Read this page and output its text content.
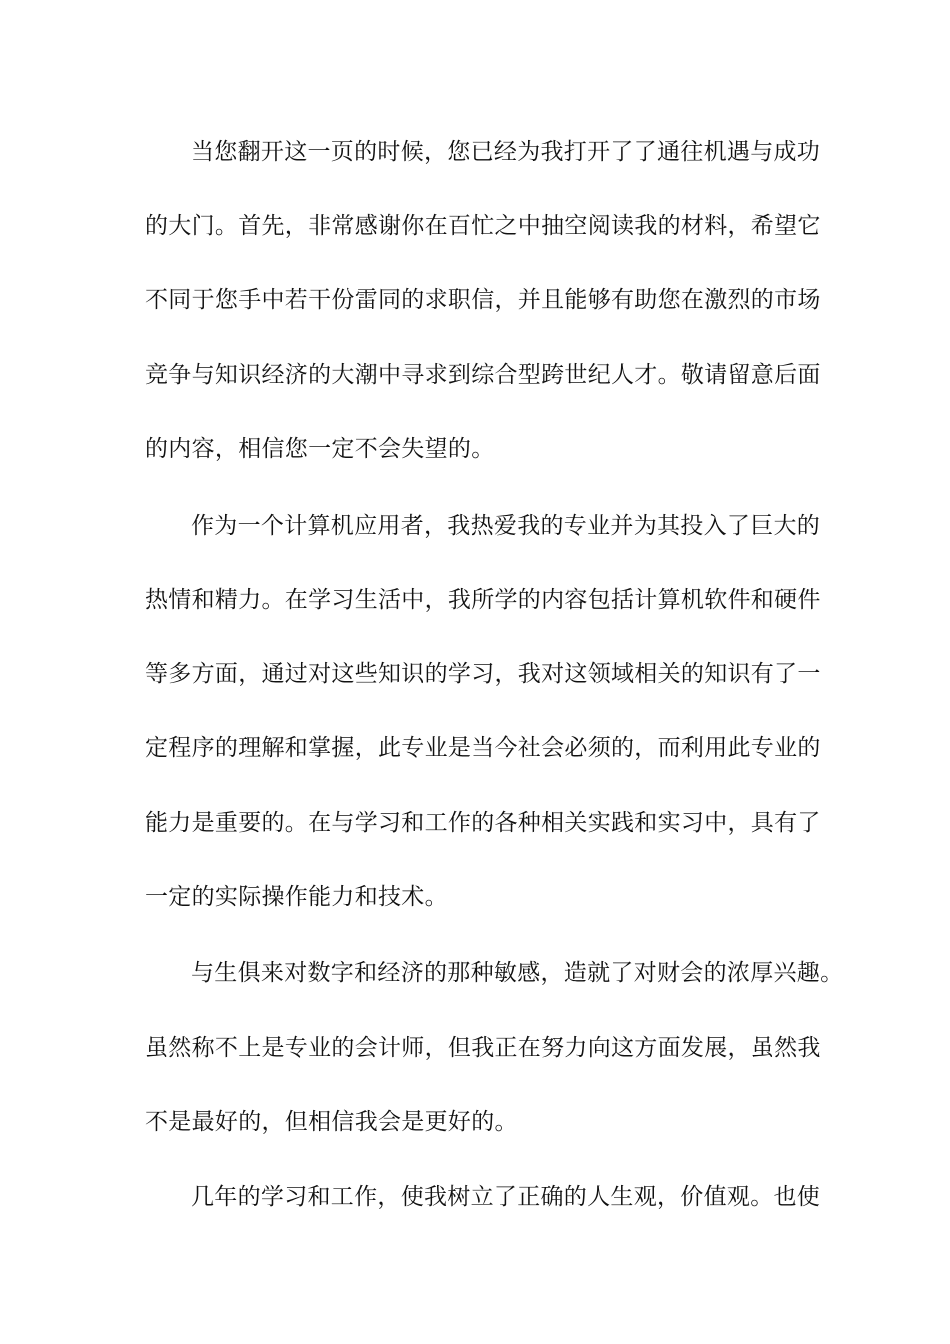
当您翻开这一页的时候，您已经为我打开了了通往机遇与成功
的大门。首先，非常感谢你在百忙之中抽空阅读我的材料，希望它
不同于您手中若干份雷同的求职信，并且能够有助您在激烈的市场
竞争与知识经济的大潮中寻求到综合型跨世纪人才。敬请留意后面
的内容，相信您一定不会失望的。
作为一个计算机应用者，我热爱我的专业并为其投入了巨大的
热情和精力。在学习生活中，我所学的内容包括计算机软件和硬件
等多方面，通过对这些知识的学习，我对这领域相关的知识有了一
定程序的理解和掌握，此专业是当今社会必须的，而利用此专业的
能力是重要的。在与学习和工作的各种相关实践和实习中，具有了
一定的实际操作能力和技术。
与生俱来对数字和经济的那种敏感，造就了对财会的浓厚兴趣。
虽然称不上是专业的会计师，但我正在努力向这方面发展，虽然我
不是最好的，但相信我会是更好的。
几年的学习和工作，使我树立了正确的人生观，价值观。也使
